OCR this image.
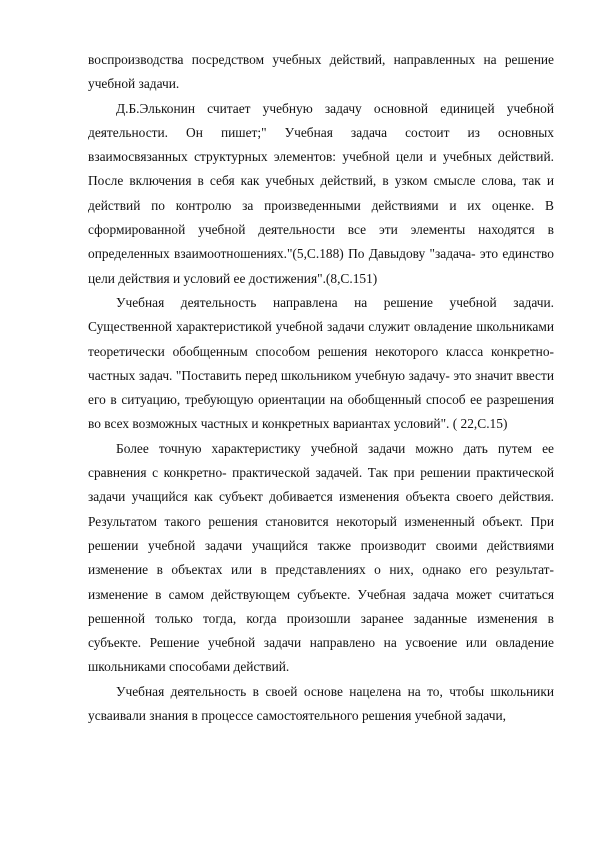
воспроизводства посредством учебных действий, направленных на решение учебной задачи.

Д.Б.Эльконин считает учебную задачу основной единицей учебной деятельности. Он пишет;" Учебная задача состоит из основных взаимосвязанных структурных элементов: учебной цели и учебных действий. После включения в себя как учебных действий, в узком смысле слова, так и действий по контролю за произведенными действиями и их оценке. В сформированной учебной деятельности все эти элементы находятся в определенных взаимоотношениях."(5,С.188) По Давыдову "задача- это единство цели действия и условий ее достижения".(8,С.151)

Учебная деятельность направлена на решение учебной задачи. Существенной характеристикой учебной задачи служит овладение школьниками теоретически обобщенным способом решения некоторого класса конкретно- частных задач. "Поставить перед школьником учебную задачу- это значит ввести его в ситуацию, требующую ориентации на обобщенный способ ее разрешения во всех возможных частных и конкретных вариантах условий". ( 22,С.15)

Более точную характеристику учебной задачи можно дать путем ее сравнения с конкретно- практической задачей. Так при решении практической задачи учащийся как субъект добивается изменения объекта своего действия. Результатом такого решения становится некоторый измененный объект. При решении учебной задачи учащийся также производит своими действиями изменение в объектах или в представлениях о них, однако его результат- изменение в самом действующем субъекте. Учебная задача может считаться решенной только тогда, когда произошли заранее заданные изменения в субъекте. Решение учебной задачи направлено на усвоение или овладение школьниками способами действий.

Учебная деятельность в своей основе нацелена на то, чтобы школьники усваивали знания в процессе самостоятельного решения учебной задачи,
